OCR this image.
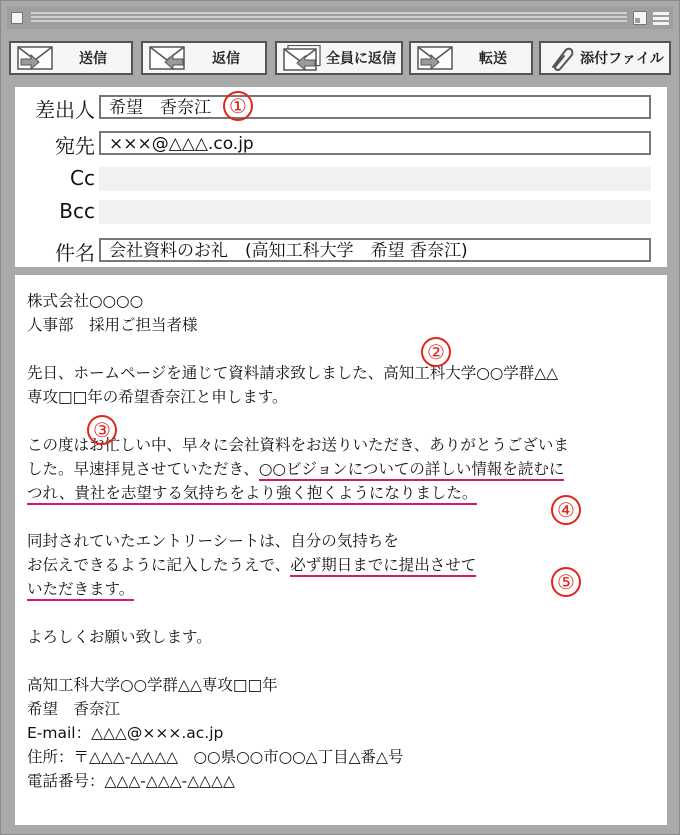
送信	返信	全員に返信	転送	添付ファイル
差出人 希望　香奈江 ①
宛先 ×××@△△△.co.jp
Cc
Bcc
件名 会社資料のお礼　(高知工科大学　希望 香奈江)

株式会社○○○○

人事部　採用ご担当者様

先日、ホームページを通じて資料請求致しました、高知工科大学○○学群△△

専攻□□年の希望香奈江と申します。

この度はお忙しい中、早々に会社資料をお送りいただき、ありがとうございま

した。早速拝見させていただき、○○ビジョンについての詳しい情報を読むに

つれ、貴社を志望する気持ちをより強く抱くようになりました。

同封されていたエントリーシートは、自分の気持ちを

お伝えできるように記入したうえで、必ず期日までに提出させて

いただきます。

よろしくお願い致します。

高知工科大学○○学群△△専攻□□年

希望　香奈江

E-mail：△△△@×××.ac.jp

住所：〒△△△-△△△△　○○県○○市○○△丁目△番△号

電話番号：△△△-△△△-△△△△

②
③
④
⑤
